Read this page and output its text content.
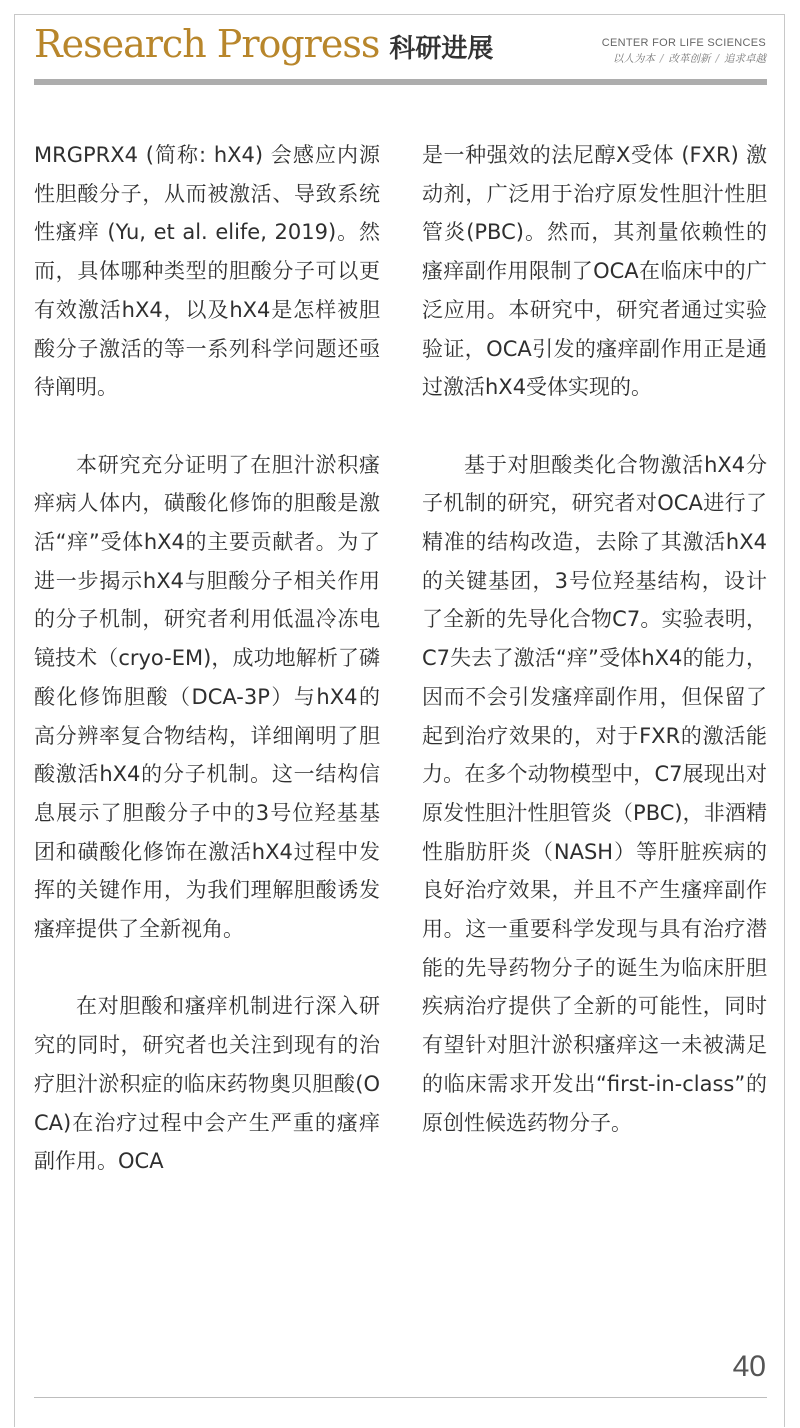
Research Progress 科研进展	CENTER FOR LIFE SCIENCES
以人为本 / 改革创新 / 追求卓越

MRGPRX4 (简称: hX4) 会感应内源性胆酸分子，从而被激活、导致系统性瘙痒 (Yu, et al. elife, 2019)。然而，具体哪种类型的胆酸分子可以更有效激活hX4，以及hX4是怎样被胆酸分子激活的等一系列科学问题还亟待阐明。

本研究充分证明了在胆汁淤积瘙痒病人体内，磺酸化修饰的胆酸是激活“痒”受体hX4的主要贡献者。为了进一步揭示hX4与胆酸分子相关作用的分子机制，研究者利用低温冷冻电镜技术（cryo-EM)，成功地解析了磷酸化修饰胆酸（DCA-3P）与hX4的高分辨率复合物结构，详细阐明了胆酸激活hX4的分子机制。这一结构信息展示了胆酸分子中的3号位羟基基团和磺酸化修饰在激活hX4过程中发挥的关键作用，为我们理解胆酸诱发瘙痒提供了全新视角。

在对胆酸和瘙痒机制进行深入研究的同时，研究者也关注到现有的治疗胆汁淤积症的临床药物奥贝胆酸(OCA)在治疗过程中会产生严重的瘙痒副作用。OCA

是一种强效的法尼醇X受体 (FXR) 激动剂，广泛用于治疗原发性胆汁性胆管炎(PBC)。然而，其剂量依赖性的瘙痒副作用限制了OCA在临床中的广泛应用。本研究中，研究者通过实验验证，OCA引发的瘙痒副作用正是通过激活hX4受体实现的。

基于对胆酸类化合物激活hX4分子机制的研究，研究者对OCA进行了精准的结构改造，去除了其激活hX4的关键基团，3号位羟基结构，设计了全新的先导化合物C7。实验表明，C7失去了激活“痒”受体hX4的能力，因而不会引发瘙痒副作用，但保留了起到治疗效果的，对于FXR的激活能力。在多个动物模型中，C7展现出对原发性胆汁性胆管炎（PBC)，非酒精性脂肪肝炎（NASH）等肝脏疾病的良好治疗效果，并且不产生瘙痒副作用。这一重要科学发现与具有治疗潜能的先导药物分子的诞生为临床肝胆疾病治疗提供了全新的可能性，同时有望针对胆汁淤积瘙痒这一未被满足的临床需求开发出“first-in-class”的原创性候选药物分子。

40
